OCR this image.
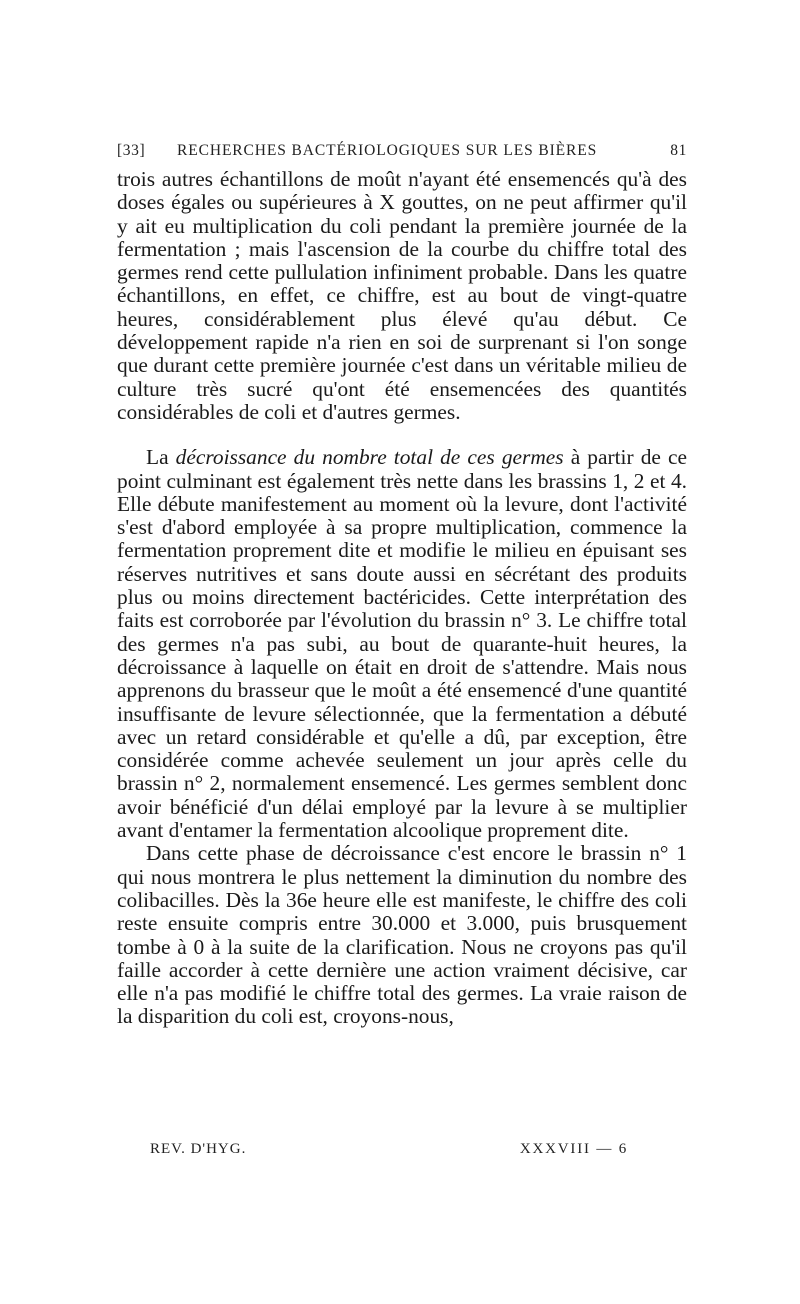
[33] RECHERCHES BACTÉRIOLOGIQUES SUR LES BIÈRES	81

trois autres échantillons de moût n'ayant été ensemencés qu'à des doses égales ou supérieures à X gouttes, on ne peut affirmer qu'il y ait eu multiplication du coli pendant la première journée de la fermentation ; mais l'ascension de la courbe du chiffre total des germes rend cette pullulation infiniment probable. Dans les quatre échantillons, en effet, ce chiffre, est au bout de vingt-quatre heures, considérablement plus élevé qu'au début. Ce développement rapide n'a rien en soi de surprenant si l'on songe que durant cette première journée c'est dans un véritable milieu de culture très sucré qu'ont été ensemencées des quantités considérables de coli et d'autres germes.

La décroissance du nombre total de ces germes à partir de ce point culminant est également très nette dans les brassins 1, 2 et 4. Elle débute manifestement au moment où la levure, dont l'activité s'est d'abord employée à sa propre multiplication, commence la fermentation proprement dite et modifie le milieu en épuisant ses réserves nutritives et sans doute aussi en sécrétant des produits plus ou moins directement bactéricides. Cette interprétation des faits est corroborée par l'évolution du brassin n° 3. Le chiffre total des germes n'a pas subi, au bout de quarante-huit heures, la décroissance à laquelle on était en droit de s'attendre. Mais nous apprenons du brasseur que le moût a été ensemencé d'une quantité insuffisante de levure sélectionnée, que la fermentation a débuté avec un retard considérable et qu'elle a dû, par exception, être considérée comme achevée seulement un jour après celle du brassin n° 2, normalement ensemencé. Les germes semblent donc avoir bénéficié d'un délai employé par la levure à se multiplier avant d'entamer la fermentation alcoolique proprement dite.

Dans cette phase de décroissance c'est encore le brassin n° 1 qui nous montrera le plus nettement la diminution du nombre des colibacilles. Dès la 36e heure elle est manifeste, le chiffre des coli reste ensuite compris entre 30.000 et 3.000, puis brusquement tombe à 0 à la suite de la clarification. Nous ne croyons pas qu'il faille accorder à cette dernière une action vraiment décisive, car elle n'a pas modifié le chiffre total des germes. La vraie raison de la disparition du coli est, croyons-nous,

REV. D'HYG.	XXXVIII — 6
